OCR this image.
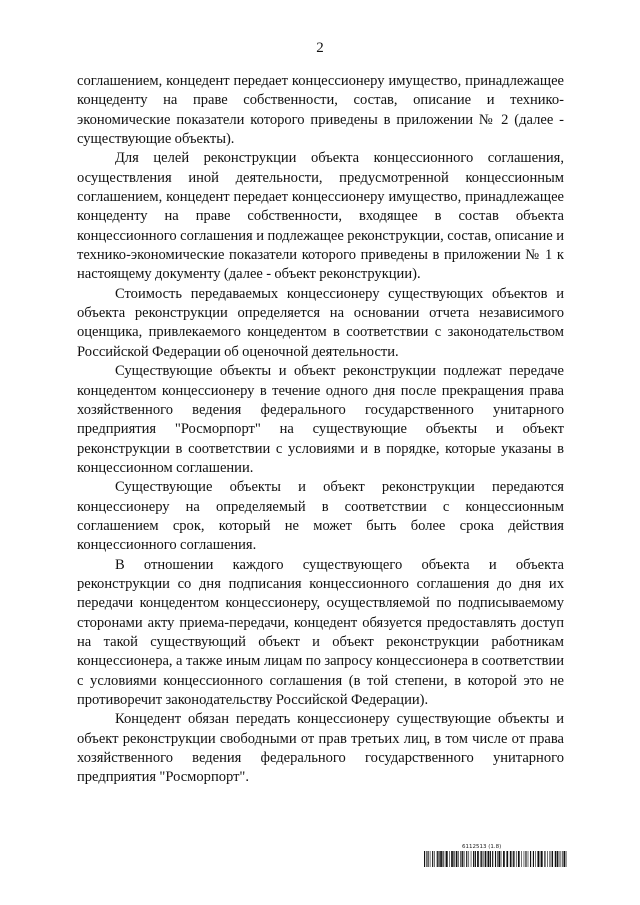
2

соглашением, концедент передает концессионеру имущество, принадлежащее концеденту на праве собственности, состав, описание и технико-экономические показатели которого приведены в приложении № 2 (далее - существующие объекты).

Для целей реконструкции объекта концессионного соглашения, осуществления иной деятельности, предусмотренной концессионным соглашением, концедент передает концессионеру имущество, принадлежащее концеденту на праве собственности, входящее в состав объекта концессионного соглашения и подлежащее реконструкции, состав, описание и технико-экономические показатели которого приведены в приложении № 1 к настоящему документу (далее - объект реконструкции).

Стоимость передаваемых концессионеру существующих объектов и объекта реконструкции определяется на основании отчета независимого оценщика, привлекаемого концедентом в соответствии с законодательством Российской Федерации об оценочной деятельности.

Существующие объекты и объект реконструкции подлежат передаче концедентом концессионеру в течение одного дня после прекращения права хозяйственного ведения федерального государственного унитарного предприятия "Росморпорт" на существующие объекты и объект реконструкции в соответствии с условиями и в порядке, которые указаны в концессионном соглашении.

Существующие объекты и объект реконструкции передаются концессионеру на определяемый в соответствии с концессионным соглашением срок, который не может быть более срока действия концессионного соглашения.

В отношении каждого существующего объекта и объекта реконструкции со дня подписания концессионного соглашения до дня их передачи концедентом концессионеру, осуществляемой по подписываемому сторонами акту приема-передачи, концедент обязуется предоставлять доступ на такой существующий объект и объект реконструкции работникам концессионера, а также иным лицам по запросу концессионера в соответствии с условиями концессионного соглашения (в той степени, в которой это не противоречит законодательству Российской Федерации).

Концедент обязан передать концессионеру существующие объекты и объект реконструкции свободными от прав третьих лиц, в том числе от права хозяйственного ведения федерального государственного унитарного предприятия "Росморпорт".

6112513 (1.8)
